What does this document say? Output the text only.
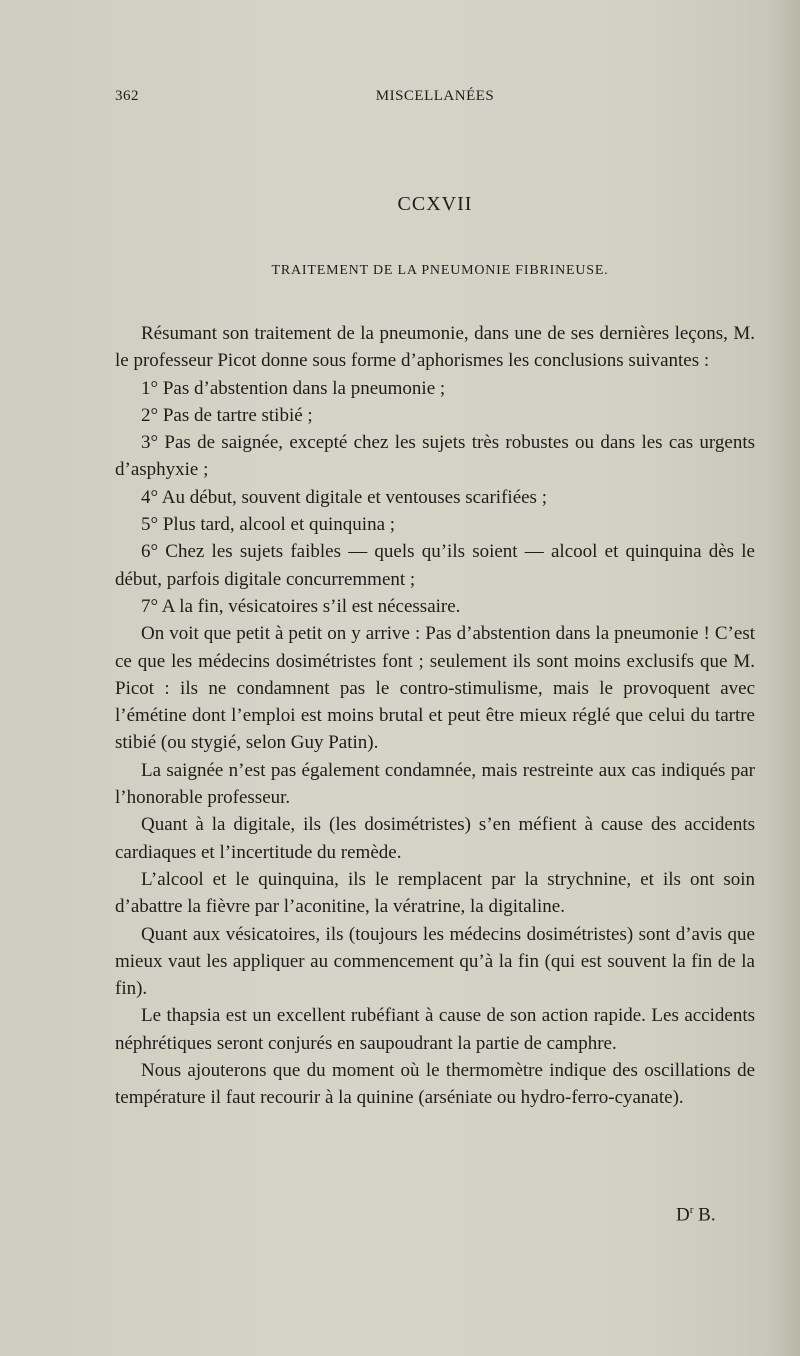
362	MISCELLANÉES
CCXVII
TRAITEMENT DE LA PNEUMONIE FIBRINEUSE.

Résumant son traitement de la pneumonie, dans une de ses dernières leçons, M. le professeur Picot donne sous forme d’aphorismes les conclusions suivantes :

1° Pas d’abstention dans la pneumonie ;

2° Pas de tartre stibié ;

3° Pas de saignée, excepté chez les sujets très robustes ou dans les cas urgents d’asphyxie ;

4° Au début, souvent digitale et ventouses scarifiées ;

5° Plus tard, alcool et quinquina ;

6° Chez les sujets faibles — quels qu’ils soient — alcool et quinquina dès le début, parfois digitale concurremment ;

7° A la fin, vésicatoires s’il est nécessaire.

On voit que petit à petit on y arrive : Pas d’abstention dans la pneumonie ! C’est ce que les médecins dosimétristes font ; seulement ils sont moins exclusifs que M. Picot : ils ne condamnent pas le contro-stimulisme, mais le provoquent avec l’émétine dont l’emploi est moins brutal et peut être mieux réglé que celui du tartre stibié (ou stygié, selon Guy Patin).

La saignée n’est pas également condamnée, mais restreinte aux cas indiqués par l’honorable professeur.

Quant à la digitale, ils (les dosimétristes) s’en méfient à cause des accidents cardiaques et l’incertitude du remède.

L’alcool et le quinquina, ils le remplacent par la strychnine, et ils ont soin d’abattre la fièvre par l’aconitine, la vératrine, la digitaline.

Quant aux vésicatoires, ils (toujours les médecins dosimétristes) sont d’avis que mieux vaut les appliquer au commencement qu’à la fin (qui est souvent la fin de la fin).

Le thapsia est un excellent rubéfiant à cause de son action rapide. Les accidents néphrétiques seront conjurés en saupoudrant la partie de camphre.

Nous ajouterons que du moment où le thermomètre indique des oscillations de température il faut recourir à la quinine (arséniate ou hydro-ferro-cyanate).

$D^r$ B.
